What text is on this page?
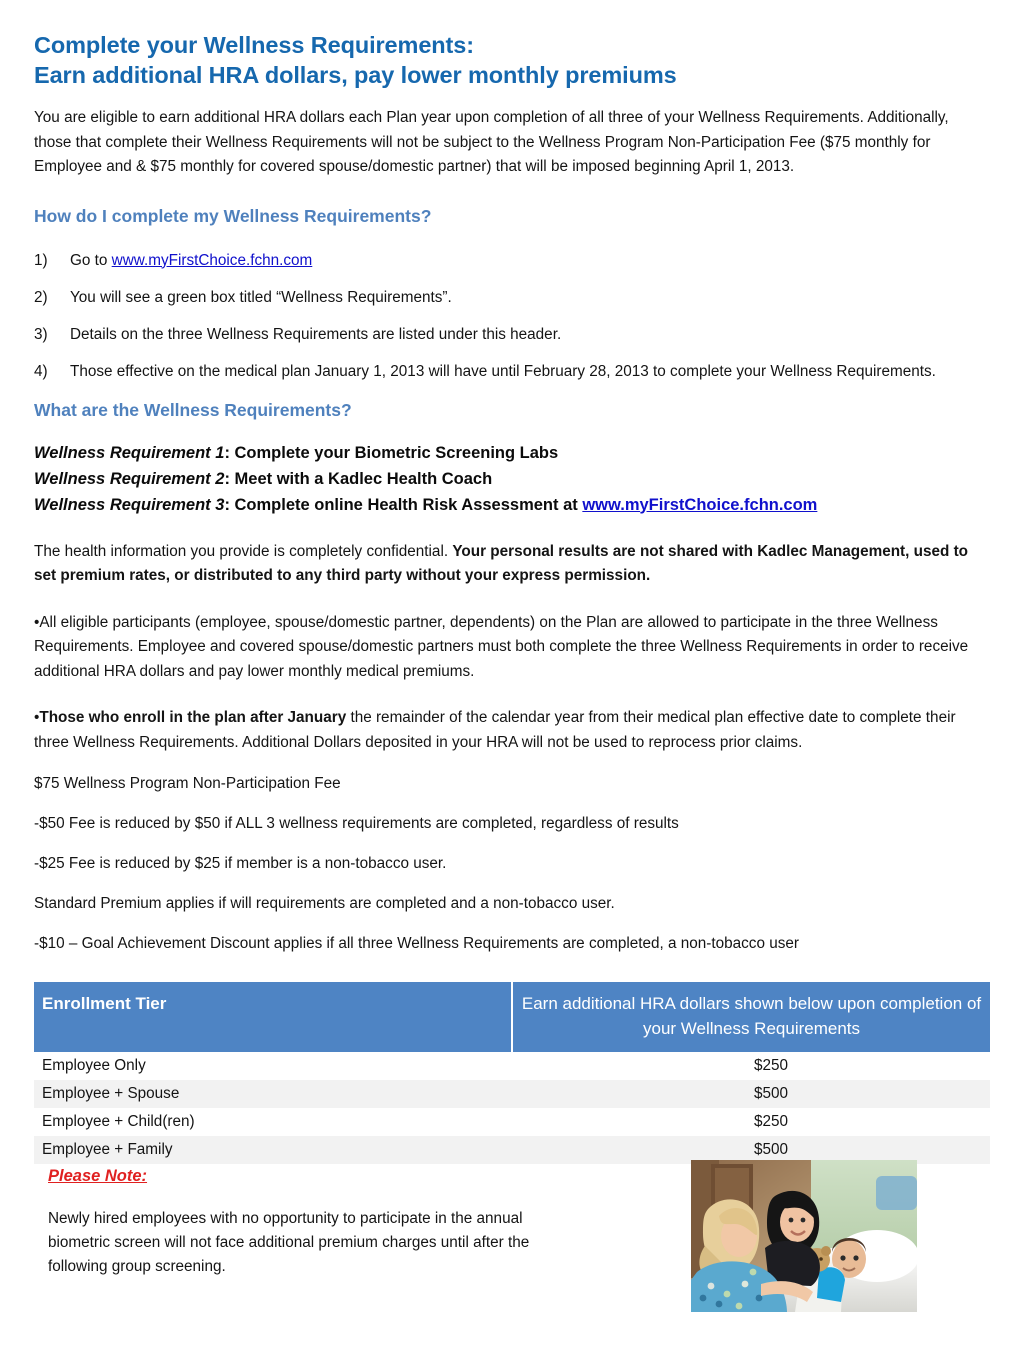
Complete your Wellness Requirements:
Earn additional HRA dollars, pay lower monthly premiums

You are eligible to earn additional HRA dollars each Plan year upon completion of all three of your Wellness Requirements. Additionally, those that complete their Wellness Requirements will not be subject to the Wellness Program Non-Participation Fee ($75 monthly for Employee and & $75 monthly for covered spouse/domestic partner) that will be imposed beginning April 1, 2013.

How do I complete my Wellness Requirements?
1)	Go to www.myFirstChoice.fchn.com
2)	You will see a green box titled “Wellness Requirements”.
3)	Details on the three Wellness Requirements are listed under this header.
4)	Those effective on the medical plan January 1, 2013 will have until February 28, 2013 to complete your Wellness Requirements.
What are the Wellness Requirements?
Wellness Requirement 1: Complete your Biometric Screening Labs
Wellness Requirement 2: Meet with a Kadlec Health Coach
Wellness Requirement 3: Complete online Health Risk Assessment at www.myFirstChoice.fchn.com

The health information you provide is completely confidential. Your personal results are not shared with Kadlec Management, used to set premium rates, or distributed to any third party without your express permission.

•All eligible participants (employee, spouse/domestic partner, dependents) on the Plan are allowed to participate in the three Wellness Requirements. Employee and covered spouse/domestic partners must both complete the three Wellness Requirements in order to receive additional HRA dollars and pay lower monthly medical premiums.

•Those who enroll in the plan after January the remainder of the calendar year from their medical plan effective date to complete their three Wellness Requirements. Additional Dollars deposited in your HRA will not be used to reprocess prior claims.

$75 Wellness Program Non-Participation Fee

-$50 Fee is reduced by $50 if ALL 3 wellness requirements are completed, regardless of results

-$25 Fee is reduced by $25 if member is a non-tobacco user.

Standard Premium applies if will requirements are completed and a non-tobacco user.

-$10 – Goal Achievement Discount applies if all three Wellness Requirements are completed, a non-tobacco user

Enrollment Tier	Earn additional HRA dollars shown below upon completion of your Wellness Requirements
Employee Only	$250
Employee + Spouse	$500
Employee + Child(ren)	$250
Employee + Family	$500
Please Note:
Newly hired employees with no opportunity to participate in the annual biometric screen will not face additional premium charges until after the following group screening.
